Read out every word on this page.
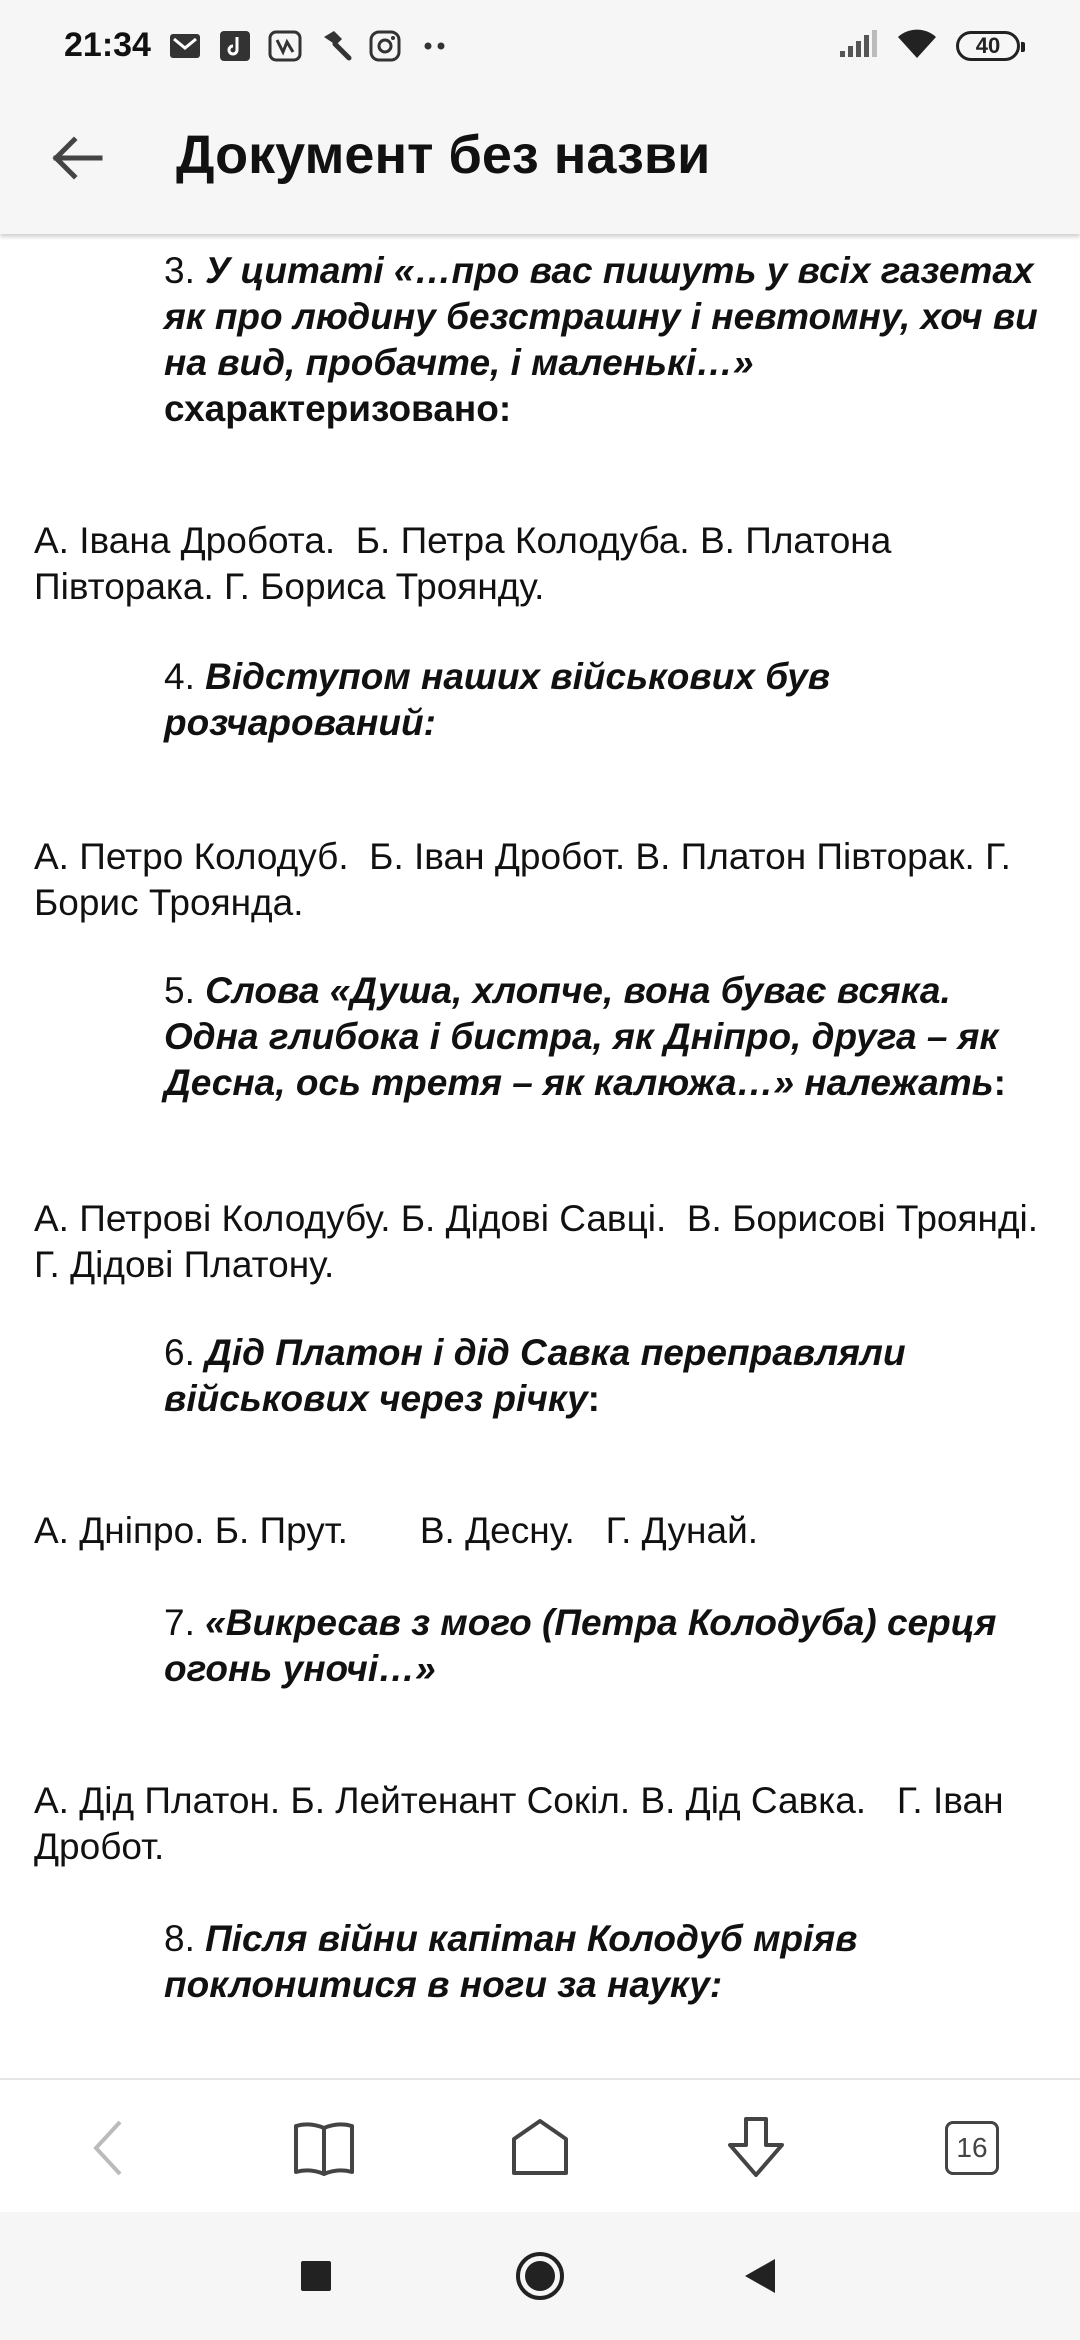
21:34	40
Документ без назви
3. У цитаті «…про вас пишуть у всіх газетах як про людину безстрашну і невтомну, хоч ви на вид, пробачте, і маленькі…» схарактеризовано:
А. Івана Дробота.  Б. Петра Колодуба. В. Платона Півторака. Г. Бориса Троянду.
4. Відступом наших військових був розчарований:
А. Петро Колодуб.  Б. Іван Дробот. В. Платон Півторак. Г. Борис Троянда.
5. Слова «Душа, хлопче, вона буває всяка. Одна глибока і бистра, як Дніпро, друга – як Десна, ось третя – як калюжа…» належать:
А. Петрові Колодубу. Б. Дідові Савці.  В. Борисові Троянді. Г. Дідові Платону.
6. Дід Платон і дід Савка переправляли військових через річку:
А. Дніпро. Б. Прут.       В. Десну.   Г. Дунай.
7. «Викресав з мого (Петра Колодуба) серця огонь уночі…»
А. Дід Платон. Б. Лейтенант Сокіл. В. Дід Савка.   Г. Іван Дробот.
8. Після війни капітан Колодуб мріяв поклонитися в ноги за науку:
16
